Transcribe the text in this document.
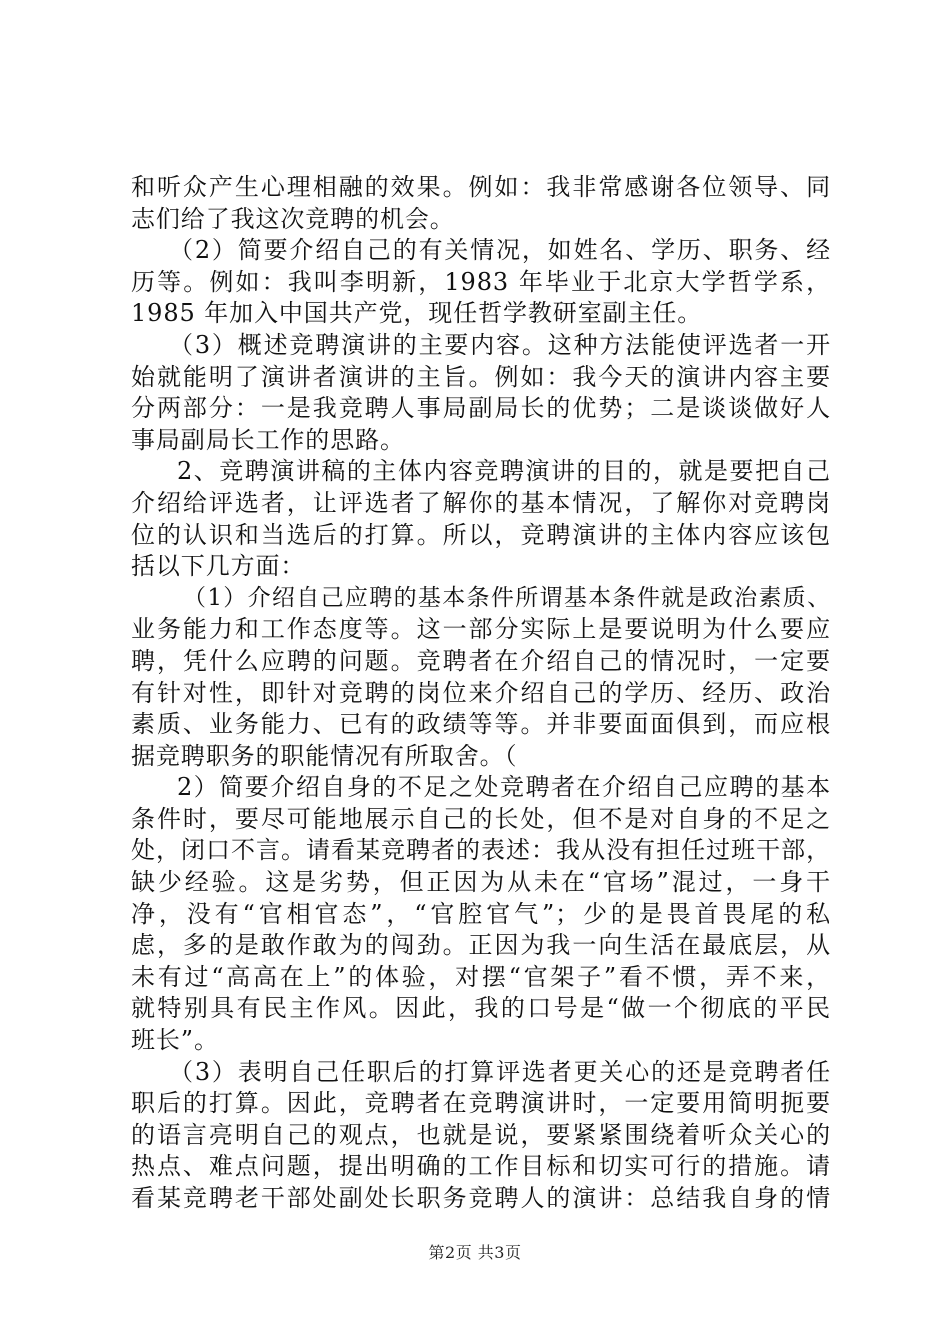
和听众产生心理相融的效果。例如：我非常感谢各位领导、同
志们给了我这次竞聘的机会。
（2）简要介绍自己的有关情况，如姓名、学历、职务、经
历等。例如：我叫李明新，1983 年毕业于北京大学哲学系，
1985 年加入中国共产党，现任哲学教研室副主任。
（3）概述竞聘演讲的主要内容。这种方法能使评选者一开
始就能明了演讲者演讲的主旨。例如：我今天的演讲内容主要
分两部分：一是我竞聘人事局副局长的优势；二是谈谈做好人
事局副局长工作的思路。
2、竞聘演讲稿的主体内容竞聘演讲的目的，就是要把自己
介绍给评选者，让评选者了解你的基本情况，了解你对竞聘岗
位的认识和当选后的打算。所以，竞聘演讲的主体内容应该包
括以下几方面：
（1）介绍自己应聘的基本条件所谓基本条件就是政治素质、
业务能力和工作态度等。这一部分实际上是要说明为什么要应
聘，凭什么应聘的问题。竞聘者在介绍自己的情况时，一定要
有针对性，即针对竞聘的岗位来介绍自己的学历、经历、政治
素质、业务能力、已有的政绩等等。并非要面面俱到，而应根
据竞聘职务的职能情况有所取舍。（
2）简要介绍自身的不足之处竞聘者在介绍自己应聘的基本
条件时，要尽可能地展示自己的长处，但不是对自身的不足之
处，闭口不言。请看某竞聘者的表述：我从没有担任过班干部，
缺少经验。这是劣势，但正因为从未在“官场”混过，一身干
净，没有“官相官态”，“官腔官气”；少的是畏首畏尾的私
虑，多的是敢作敢为的闯劲。正因为我一向生活在最底层，从
未有过“高高在上”的体验，对摆“官架子”看不惯，弄不来，
就特别具有民主作风。因此，我的口号是“做一个彻底的平民
班长”。
（3）表明自己任职后的打算评选者更关心的还是竞聘者任
职后的打算。因此，竞聘者在竞聘演讲时，一定要用简明扼要
的语言亮明自己的观点，也就是说，要紧紧围绕着听众关心的
热点、难点问题，提出明确的工作目标和切实可行的措施。请
看某竞聘老干部处副处长职务竞聘人的演讲：总结我自身的情
第2页 共3页
